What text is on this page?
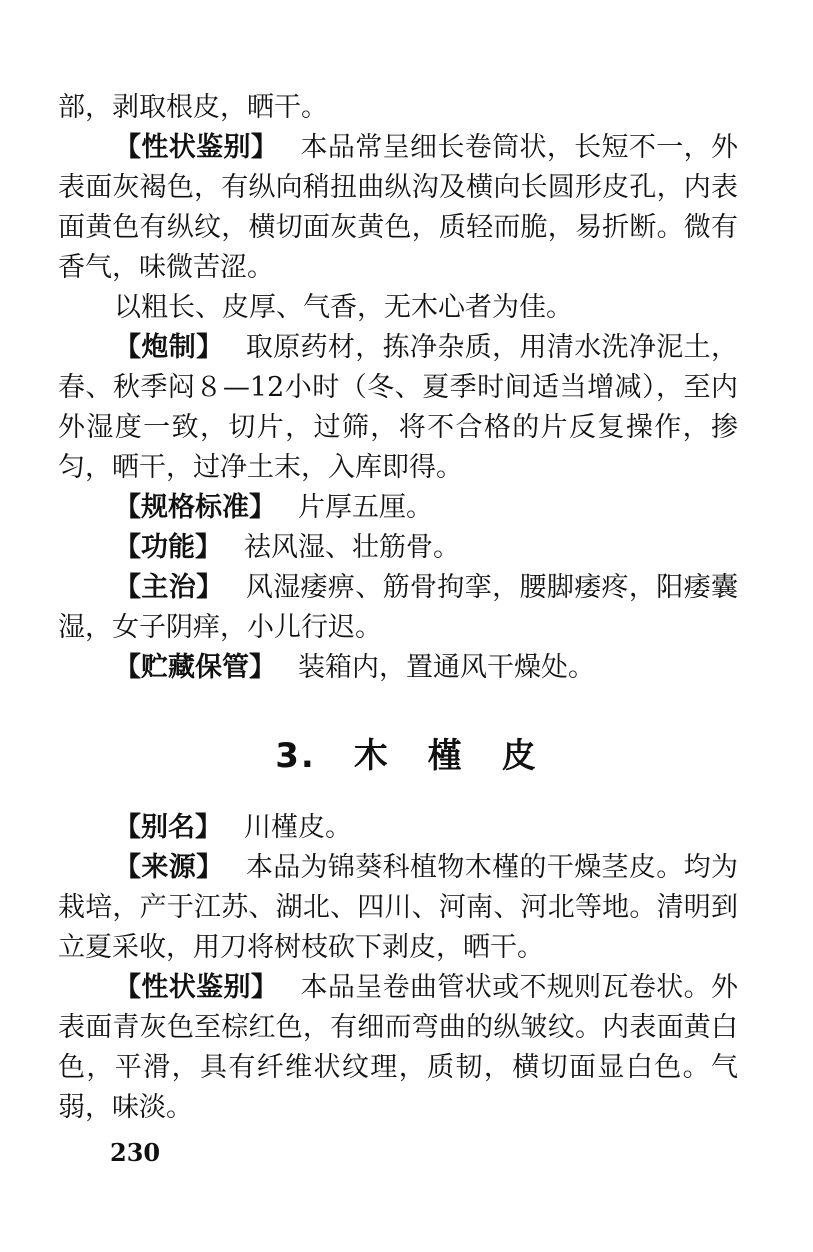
部，剥取根皮，晒干。

【性状鉴别】 本品常呈细长卷筒状，长短不一，外表面灰褐色，有纵向稍扭曲纵沟及横向长圆形皮孔，内表面黄色有纵纹，横切面灰黄色，质轻而脆，易折断。微有香气，味微苦涩。

以粗长、皮厚、气香，无木心者为佳。

【炮制】 取原药材，拣净杂质，用清水洗净泥土，春、秋季闷８—12小时（冬、夏季时间适当增减），至内外湿度一致，切片，过筛，将不合格的片反复操作，掺匀，晒干，过净土末，入库即得。

【规格标准】 片厚五厘。

【功能】 祛风湿、壮筋骨。

【主治】 风湿痿痹、筋骨拘挛，腰脚痿疼，阳痿囊湿，女子阴痒，小儿行迟。

【贮藏保管】 装箱内，置通风干燥处。

3. 木 槿 皮

【别名】 川槿皮。

【来源】 本品为锦葵科植物木槿的干燥茎皮。均为栽培，产于江苏、湖北、四川、河南、河北等地。清明到立夏采收，用刀将树枝砍下剥皮，晒干。

【性状鉴别】 本品呈卷曲管状或不规则瓦卷状。外表面青灰色至棕红色，有细而弯曲的纵皱纹。内表面黄白色，平滑，具有纤维状纹理，质韧，横切面显白色。气弱，味淡。

230
